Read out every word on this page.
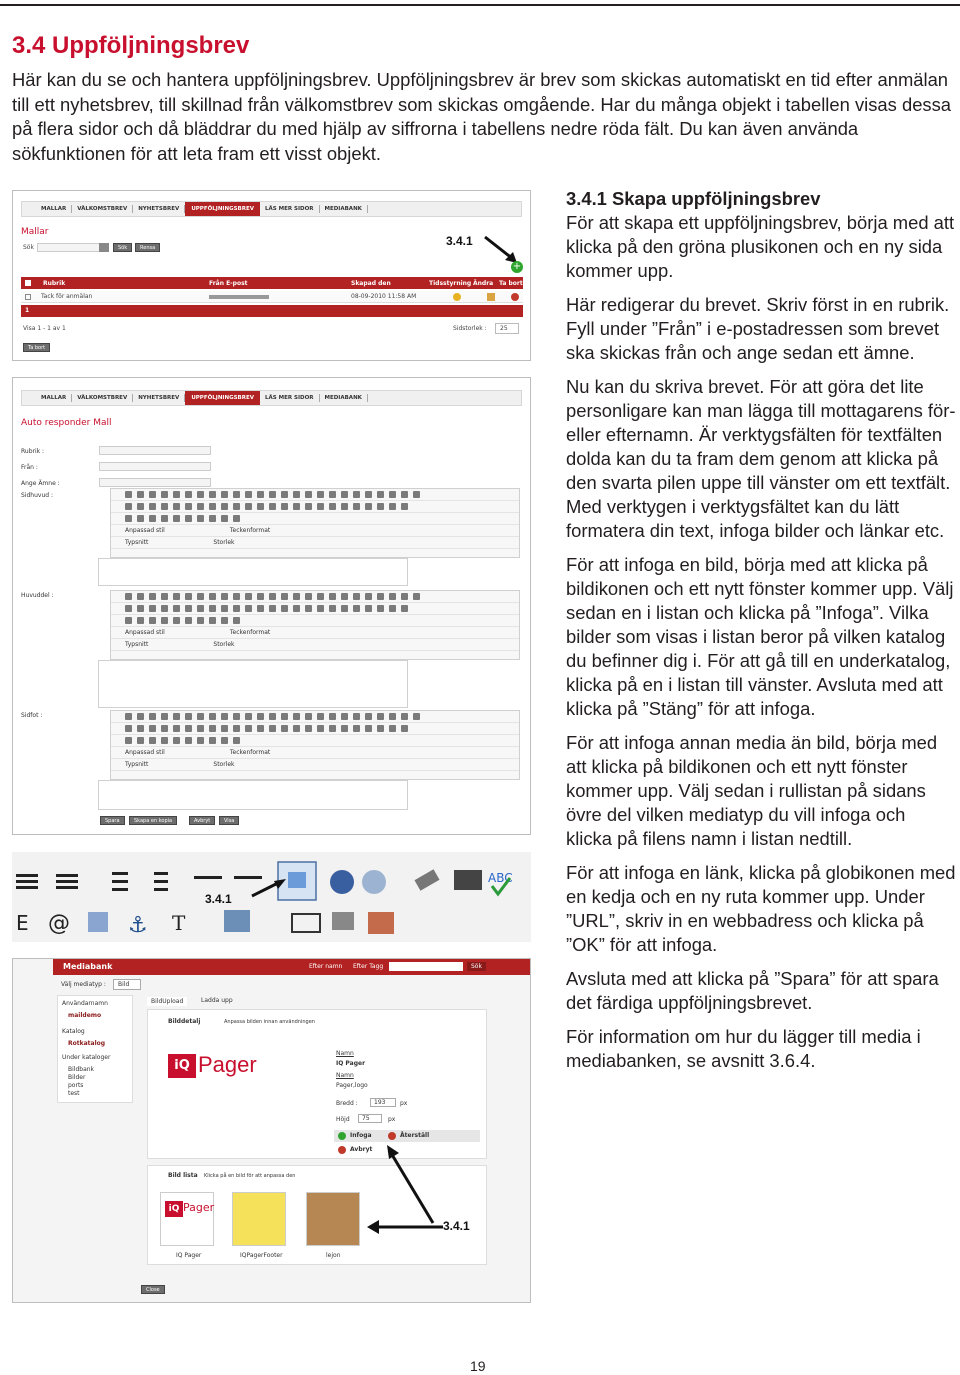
3.4 Uppföljningsbrev
Här kan du se och hantera uppföljningsbrev. Uppföljningsbrev är brev som skickas automatiskt en tid efter anmälan till ett nyhetsbrev, till skillnad från välkomstbrev som skickas omgående. Har du många objekt i tabellen visas dessa på flera sidor och då bläddrar du med hjälp av siffrorna i tabellens nedre röda fält. Du kan även använda sökfunktionen för att leta fram ett visst objekt.
MALLAR	VÄLKOMSTBREV	NYHETSBREV	UPPFÖLJNINGSBREV	LÄS MER SIDOR	MEDIABANK
Mallar
Sök	Sök	Rensa	3.4.1
+
Rubrik	Från E-post	Skapad den	Tidsstyrning Ändra Ta bort
Tack för anmälan	08-09-2010 11:58 AM
1
Visa 1 - 1 av 1	Sidstorlek :	25
Ta bort
MALLAR	VÄLKOMSTBREV	NYHETSBREV	UPPFÖLJNINGSBREV	LÄS MER SIDOR	MEDIABANK
Auto responder Mall
Rubrik :
Från :
Ange Ämne :
Sidhuvud :
Huvuddel :
Sidfot :
Anpassad stil	Teckenformat
Typsnitt	Storlek
Anpassad stil	Teckenformat
Typsnitt	Storlek
Anpassad stil	Teckenformat
Typsnitt	Storlek
Spara	Skapa en kopia	Avbryt	Visa
ABC
E @	⚓ T
3.4.1
Mediabank	Efter namn Efter Tagg	Sök
Välj mediatyp :	Bild
Användarnamn
maildemo
Katalog
Rotkatalog
Under kataloger
Bildbank
Bilder
ports
test
BildUpload	Ladda upp
Bilddetalj	Anpassa bilden innan användningen
iQ Pager	Namn
IQ Pager
Namn
Pager,logo
Bredd :	193	px
Höjd	75	px
Infoga	Återställ
Avbryt
Bild lista Klicka på en bild för att anpassa den
iQ Pager
IQ Pager	IQPagerFooter	lejon
3.4.1
Close
3.4.1 Skapa uppföljningsbrev

För att skapa ett uppföljningsbrev, börja med att klicka på den gröna plusikonen och en ny sida kommer upp.

Här redigerar du brevet. Skriv först in en rubrik. Fyll under ”Från” i e-postadressen som brevet ska skickas från och ange sedan ett ämne.

Nu kan du skriva brevet. För att göra det lite personligare kan man lägga till mottagarens för- eller efternamn. Är verktygsfälten för textfälten dolda kan du ta fram dem genom att klicka på den svarta pilen uppe till vänster om ett textfält. Med verktygen i verktygsfältet kan du lätt formatera din text, infoga bilder och länkar etc.

För att infoga en bild, börja med att klicka på bildikonen och ett nytt fönster kommer upp. Välj sedan en i listan och klicka på ”Infoga”. Vilka bilder som visas i listan beror på vilken katalog du befinner dig i. För att gå till en underkatalog, klicka på en i listan till vänster. Avsluta med att klicka på ”Stäng” för att infoga.

För att infoga annan media än bild, börja med att klicka på bildikonen och ett nytt fönster kommer upp. Välj sedan i rullistan på sidans övre del vilken mediatyp du vill infoga och klicka på filens namn i listan nedtill.

För att infoga en länk, klicka på globikonen med en kedja och en ny ruta kommer upp. Under ”URL”, skriv in en webbadress och klicka på ”OK” för att infoga.

Avsluta med att klicka på ”Spara” för att spara det färdiga uppföljningsbrevet.

För information om hur du lägger till media i mediabanken, se avsnitt 3.6.4.

19
